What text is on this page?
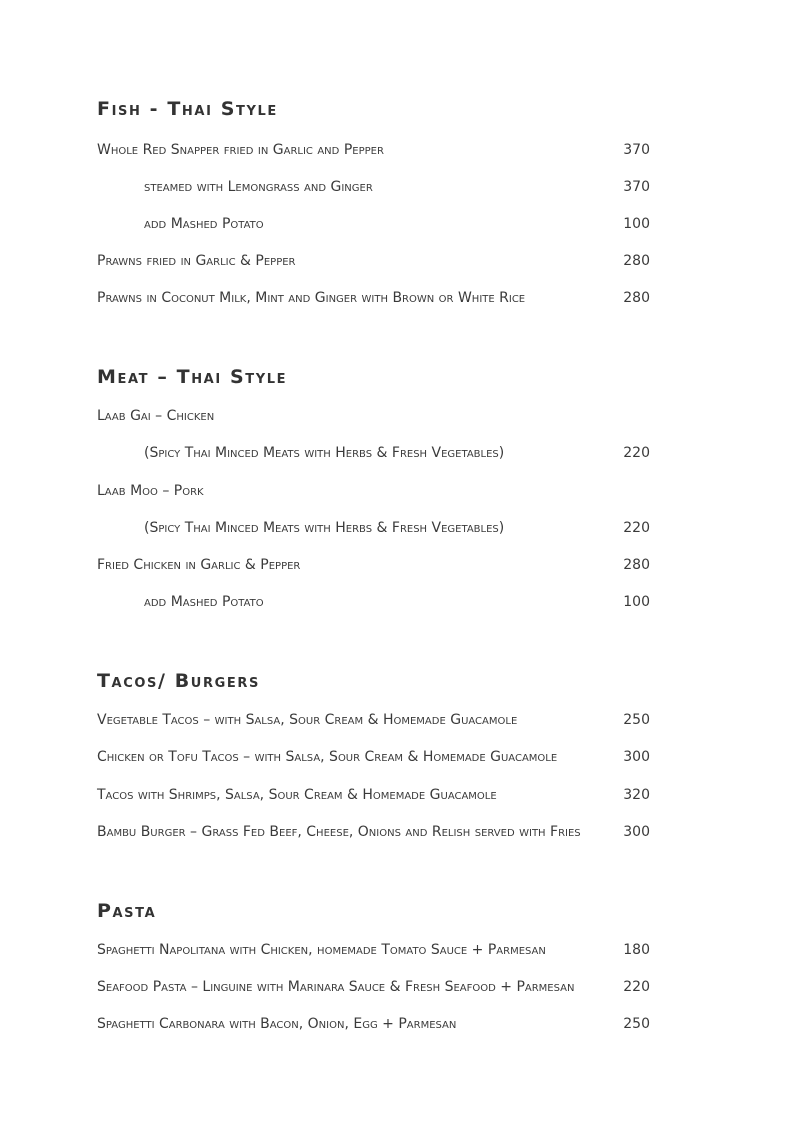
Fish - Thai Style
Whole Red Snapper fried in Garlic and Pepper	370
steamed with Lemongrass and Ginger	370
add Mashed Potato	100
Prawns fried in Garlic & Pepper	280
Prawns in Coconut Milk, Mint and Ginger with Brown or White Rice	280
Meat – Thai Style
Laab Gai – Chicken
(Spicy Thai Minced Meats with Herbs & Fresh Vegetables)	220
Laab Moo – Pork
(Spicy Thai Minced Meats with Herbs & Fresh Vegetables)	220
Fried Chicken in Garlic & Pepper	280
add Mashed Potato	100
Tacos/ Burgers
Vegetable Tacos – with Salsa, Sour Cream & Homemade Guacamole	250
Chicken or Tofu Tacos – with Salsa, Sour Cream & Homemade Guacamole	300
Tacos with Shrimps, Salsa, Sour Cream & Homemade Guacamole	320
Bambu Burger – Grass Fed Beef, Cheese, Onions and Relish served with Fries	300
Pasta
Spaghetti Napolitana with Chicken, homemade Tomato Sauce + Parmesan	180
Seafood Pasta – Linguine with Marinara Sauce & Fresh Seafood + Parmesan	220
Spaghetti Carbonara with Bacon, Onion, Egg + Parmesan	250
